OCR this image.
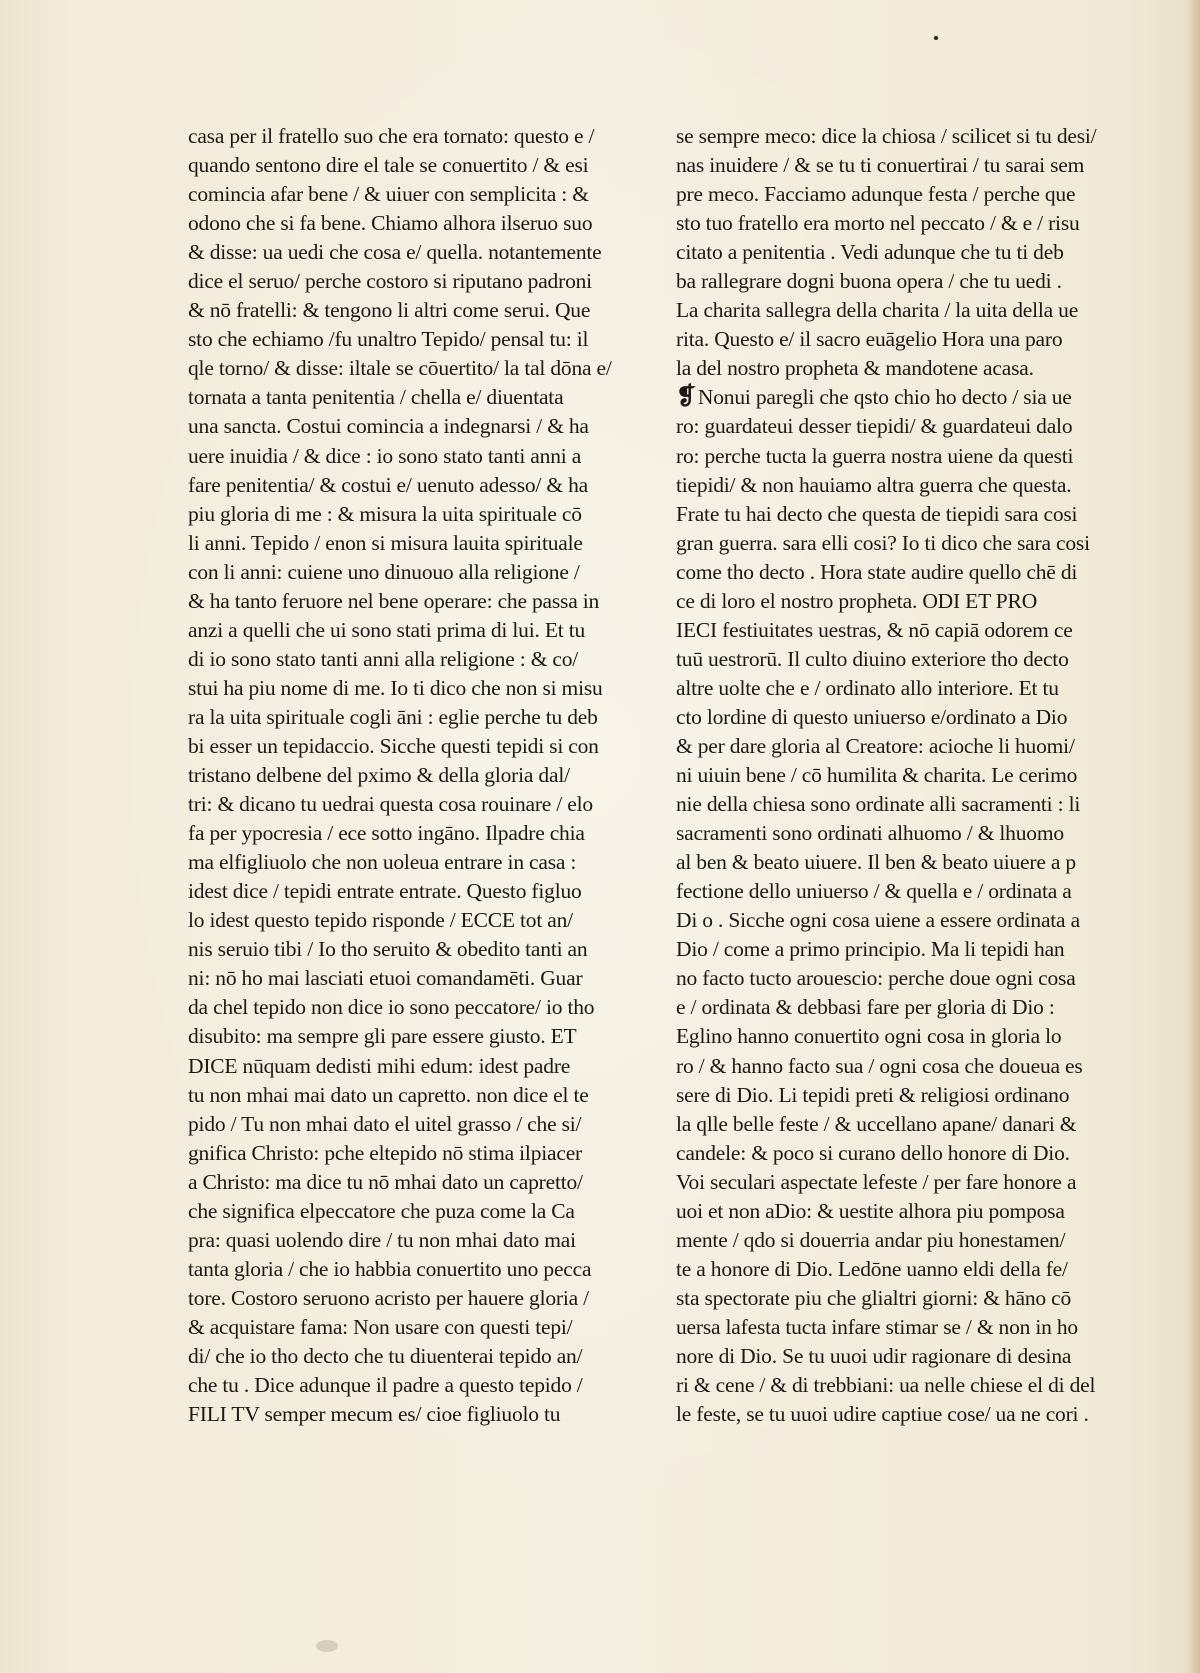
casa per il fratello suo che era tornato: questo e /
quando sentono dire el tale se conuertito / & esi
comincia afar bene / & uiuer con semplicita : &
odono che si fa bene. Chiamo alhora ilseruo suo
& disse: ua uedi che cosa e/ quella. notantemente
dice el seruo/ perche costoro si riputano padroni
& nō fratelli: & tengono li altri come serui. Que
sto che echiamo /fu unaltro Tepido/ pensal tu: il
qle torno/ & disse: iltale se cōuertito/ la tal dōna e/
tornata a tanta penitentia / chella e/ diuentata
una sancta. Costui comincia a indegnarsi / & ha
uere inuidia / & dice : io sono stato tanti anni a
fare penitentia/ & costui e/ uenuto adesso/ & ha
piu gloria di me : & misura la uita spirituale cō
li anni. Tepido / enon si misura lauita spirituale
con li anni: cuiene uno dinuouo alla religione /
& ha tanto feruore nel bene operare: che passa in
anzi a quelli che ui sono stati prima di lui. Et tu
di io sono stato tanti anni alla religione : & co/
stui ha piu nome di me. Io ti dico che non si misu
ra la uita spirituale cogli āni : eglie perche tu deb
bi esser un tepidaccio. Sicche questi tepidi si con
tristano delbene del pximo & della gloria dal/
tri: & dicano tu uedrai questa cosa rouinare / elo
fa per ypocresia / ece sotto ingāno. Ilpadre chia
ma elfigliuolo che non uoleua entrare in casa :
idest dice / tepidi entrate entrate. Questo figluo
lo idest questo tepido risponde / ECCE tot an/
nis seruio tibi / Io tho seruito & obedito tanti an
ni: nō ho mai lasciati etuoi comandamēti. Guar
da chel tepido non dice io sono peccatore/ io tho
disubito: ma sempre gli pare essere giusto. ET
DICE nūquam dedisti mihi edum: idest padre
tu non mhai mai dato un capretto. non dice el te
pido / Tu non mhai dato el uitel grasso / che si/
gnifica Christo: pche eltepido nō stima ilpiacer
a Christo: ma dice tu nō mhai dato un capretto/
che significa elpeccatore che puza come la Ca
pra: quasi uolendo dire / tu non mhai dato mai
tanta gloria / che io habbia conuertito uno pecca
tore. Costoro seruono acristo per hauere gloria /
& acquistare fama: Non usare con questi tepi/
di/ che io tho decto che tu diuenterai tepido an/
che tu . Dice adunque il padre a questo tepido /
FILI TV semper mecum es/ cioe figliuolo tu
se sempre meco: dice la chiosa / scilicet si tu desi/
nas inuidere / & se tu ti conuertirai / tu sarai sem
pre meco. Facciamo adunque festa / perche que
sto tuo fratello era morto nel peccato / & e / risu
citato a penitentia . Vedi adunque che tu ti deb
ba rallegrare dogni buona opera / che tu uedi .
La charita sallegra della charita / la uita della ue
rita. Questo e/ il sacro euāgelio Hora una paro
la del nostro propheta & mandotene acasa.
❡Nonui paregli che qsto chio ho decto / sia ue
ro: guardateui desser tiepidi/ & guardateui dalo
ro: perche tucta la guerra nostra uiene da questi
tiepidi/ & non hauiamo altra guerra che questa.
Frate tu hai decto che questa de tiepidi sara cosi
gran guerra. sara elli cosi? Io ti dico che sara cosi
come tho decto . Hora state audire quello chē di
ce di loro el nostro propheta. ODI ET PRO
IECI festiuitates uestras, & nō capiā odorem ce
tuū uestrorū. Il culto diuino exteriore tho decto
altre uolte che e / ordinato allo interiore. Et tu
cto lordine di questo uniuerso e/ordinato a Dio
& per dare gloria al Creatore: aciochе li huomi/
ni uiuin bene / cō humilita & charita. Le cerimo
nie della chiesa sono ordinate alli sacramenti : li
sacramenti sono ordinati alhuomo / & lhuomo
al ben & beato uiuere. Il ben & beato uiuere a p
fectione dello uniuerso / & quella e / ordinata a
Di o . Sicche ogni cosa uiene a essere ordinata a
Dio / come a primo principio. Ma li tepidi han
no facto tucto arouescio: perche doue ogni cosa
e / ordinata & debbasi fare per gloria di Dio :
Eglino hanno conuertito ogni cosa in gloria lo
ro / & hanno facto sua / ogni cosa che doueua es
sere di Dio. Li tepidi preti & religiosi ordinano
la qlle belle feste / & uccellano apane/ danari &
candele: & poco si curano dello honore di Dio.
Voi seculari aspectate lefeste / per fare honore a
uoi et non aDio: & uestite alhora piu pomposa
mente / qdo si douerria andar piu honestamen/
te a honore di Dio. Ledōne uanno eldi della fe/
sta spectorate piu che glialtri giorni: & hāno cō
uersa lafesta tucta infare stimar se / & non in ho
nore di Dio. Se tu uuoi udir ragionare di desina
ri & cene / & di trebbiani: ua nelle chiese el di del
le feste, se tu uuoi udire captiue cose/ ua ne cori .
